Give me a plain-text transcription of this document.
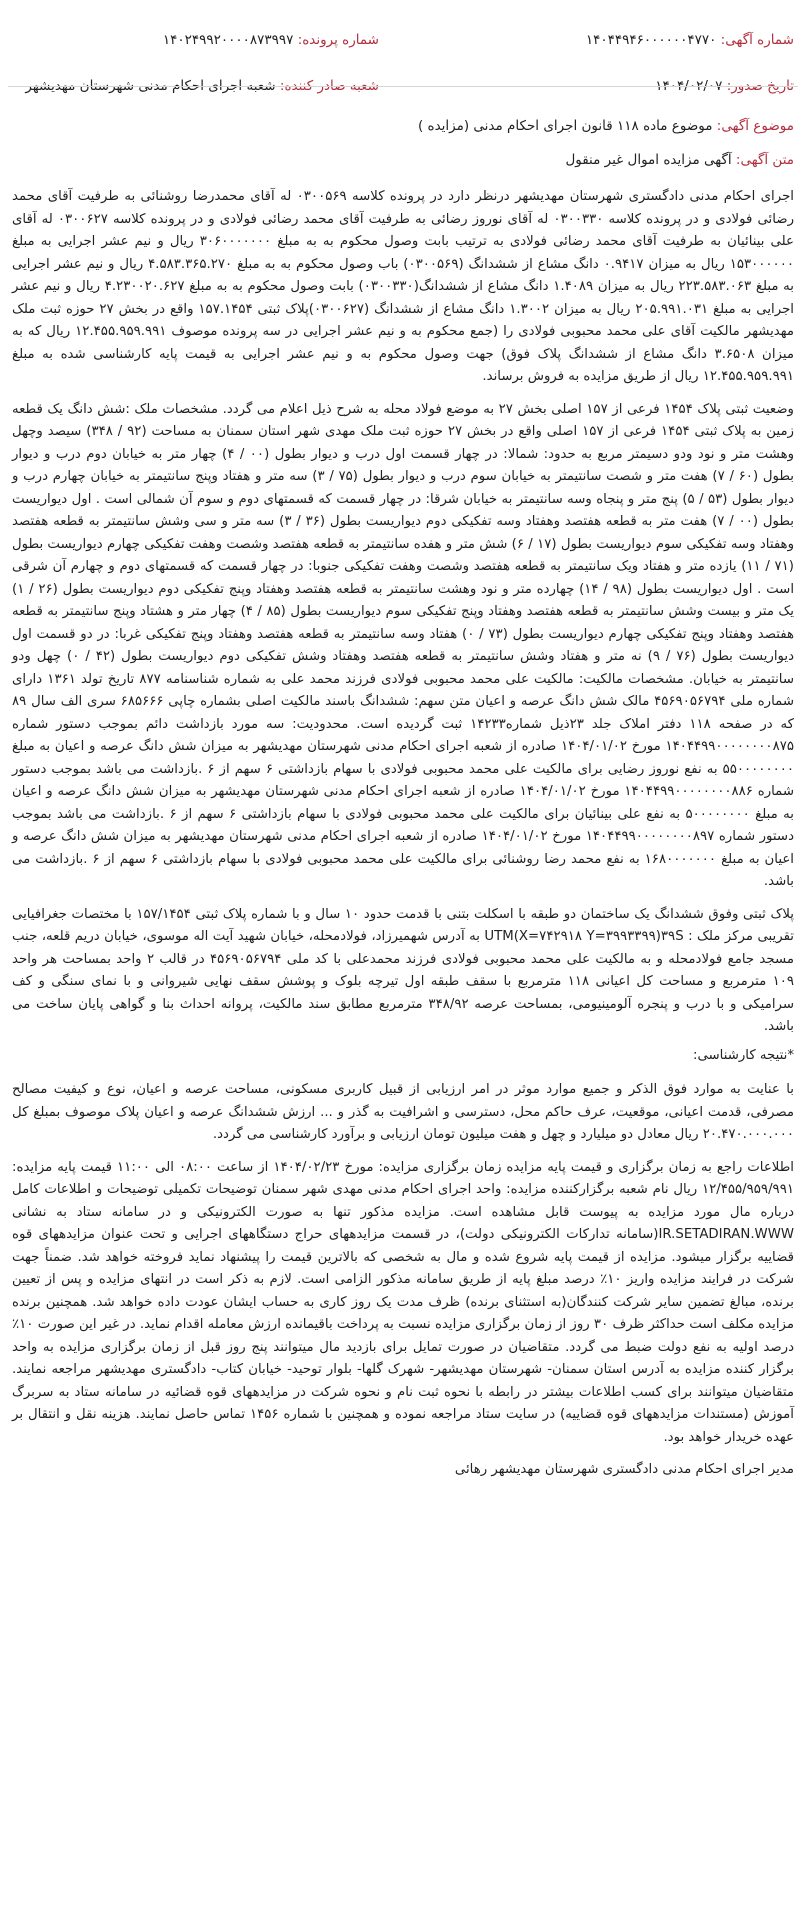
شماره آگهی: ۱۴۰۴۴۹۴۶۰۰۰۰۰۰۴۷۷۰
شماره پرونده: ۱۴۰۲۴۹۹۲۰۰۰۰۸۷۳۹۹۷
تاریخ صدور: ۱۴۰۴/۰۲/۰۷
شعبه صادر کننده: شعبه اجرای احکام مدنی شهرستان مهدیشهر
موضوع آگهی: موضوع ماده ۱۱۸ قانون اجرای احکام مدنی (مزایده )
متن آگهی: آگهی مزایده اموال غیر منقول

اجرای احکام مدنی دادگستری شهرستان مهدیشهر درنظر دارد در پرونده کلاسه ۰۳۰۰۵۶۹ له آقای محمدرضا روشنائی به طرفیت آقای محمد رضائی فولادی و در پرونده کلاسه ۰۳۰۰۳۳۰ له آقای نوروز رضائی به طرفیت آقای محمد رضائی فولادی و در پرونده کلاسه ۰۳۰۰۶۲۷ له آقای علی بینائیان به طرفیت آقای محمد رضائی فولادی به ترتیب بابت وصول محکوم به به مبلغ ۳۰۶۰۰۰۰۰۰۰ ریال و نیم عشر اجرایی به مبلغ ۱۵۳۰۰۰۰۰۰ ریال به میزان ۰.۹۴۱۷ دانگ مشاع از ششدانگ (۰۳۰۰۵۶۹) باب وصول محکوم به به مبلغ ۴.۵۸۳.۳۶۵.۲۷۰ ریال و نیم عشر اجرایی به مبلغ ۲۲۳.۵۸۳.۰۶۳ ریال به میزان ۱.۴۰۸۹ دانگ مشاع از ششدانگ(۰۳۰۰۳۳۰) بابت وصول محکوم به به مبلغ ۴.۲۳۰۰۲۰.۶۲۷ ریال و نیم عشر اجرایی به مبلغ ۲۰۵.۹۹۱.۰۳۱ ریال به میزان ۱.۳۰۰۲ دانگ مشاع از ششدانگ (۰۳۰۰۶۲۷)پلاک ثبتی ۱۵۷.۱۴۵۴ واقع در بخش ۲۷ حوزه ثبت ملک مهدیشهر مالکیت آقای علی محمد محبوبی فولادی را (جمع محکوم به و نیم عشر اجرایی در سه پرونده موصوف ۱۲.۴۵۵.۹۵۹.۹۹۱ ریال که به میزان ۳.۶۵۰۸ دانگ مشاع از ششدانگ پلاک فوق) جهت وصول محکوم به و نیم عشر اجرایی به قیمت پایه کارشناسی شده به مبلغ ۱۲.۴۵۵.۹۵۹.۹۹۱ ریال از طریق مزایده به فروش برساند.

وضعیت ثبتی پلاک ۱۴۵۴ فرعی از ۱۵۷ اصلی بخش ۲۷ به موضع فولاد محله به شرح ذیل اعلام می گردد. مشخصات ملک :شش دانگ یک قطعه زمین به پلاک ثبتی ۱۴۵۴ فرعی از ۱۵۷ اصلی واقع در بخش ۲۷ حوزه ثبت ملک مهدی شهر استان سمنان به مساحت (۹۲ / ۳۴۸) سیصد وچهل وهشت متر و نود ودو دسیمتر مربع به حدود: شمالا: در چهار قسمت اول درب و دیوار بطول (۰۰ / ۴) چهار متر به خیابان دوم درب و دیوار بطول (۶۰ / ۷) هفت متر و شصت سانتیمتر به خیابان سوم درب و دیوار بطول (۷۵ / ۳) سه متر و هفتاد وپنج سانتیمتر به خیابان چهارم درب و دیوار بطول (۵۳ / ۵) پنج متر و پنجاه وسه سانتیمتر به خیابان شرقا: در چهار قسمت که قسمتهای دوم و سوم آن شمالی است . اول دیواریست بطول (۰۰ / ۷) هفت متر به قطعه هفتصد وهفتاد وسه تفکیکی دوم دیواریست بطول (۳۶ / ۳) سه متر و سی وشش سانتیمتر به قطعه هفتصد وهفتاد وسه تفکیکی سوم دیواریست بطول (۱۷ / ۶) شش متر و هفده سانتیمتر به قطعه هفتصد وشصت وهفت تفکیکی چهارم دیواریست بطول (۷۱ / ۱۱) یازده متر و هفتاد ویک سانتیمتر به قطعه هفتصد وشصت وهفت تفکیکی جنوبا: در چهار قسمت که قسمتهای دوم و چهارم آن شرقی است . اول دیواریست بطول (۹۸ / ۱۴) چهارده متر و نود وهشت سانتیمتر به قطعه هفتصد وهفتاد وپنج تفکیکی دوم دیواریست بطول (۲۶ / ۱) یک متر و بیست وشش سانتیمتر به قطعه هفتصد وهفتاد وپنج تفکیکی سوم دیواریست بطول (۸۵ / ۴) چهار متر و هشتاد وپنج سانتیمتر به قطعه هفتصد وهفتاد وپنج تفکیکی چهارم دیواریست بطول (۷۳ / ۰) هفتاد وسه سانتیمتر به قطعه هفتصد وهفتاد وپنج تفکیکی غربا: در دو قسمت اول دیواریست بطول (۷۶ / ۹) نه متر و هفتاد وشش سانتیمتر به قطعه هفتصد وهفتاد وشش تفکیکی دوم دیواریست بطول (۴۲ / ۰) چهل ودو سانتیمتر به خیابان. مشخصات مالکیت: مالکیت علی محمد محبوبی فولادی فرزند محمد علی به شماره شناسنامه ۸۷۷ تاریخ تولد ۱۳۶۱ دارای شماره ملی ۴۵۶۹۰۵۶۷۹۴ مالک شش دانگ عرصه و اعیان متن سهم: ششدانگ باسند مالکیت اصلی بشماره چاپی ۶۸۵۶۶۶ سری الف سال ۸۹ که در صفحه ۱۱۸ دفتر املاک جلد ۲۳ذیل شماره۱۴۲۳۳ ثبت گردیده است. محدودیت: سه مورد بازداشت دائم بموجب دستور شماره ۱۴۰۴۴۹۹۰۰۰۰۰۰۰۰۸۷۵ مورخ ۱۴۰۴/۰۱/۰۲ صادره از شعبه اجرای احکام مدنی شهرستان مهدیشهر به میزان شش دانگ عرصه و اعیان به مبلغ ۵۵۰۰۰۰۰۰۰۰ به نفع نوروز رضایی برای مالکیت علی محمد محبوبی فولادی با سهام بازداشتی ۶ سهم از ۶ .بازداشت می باشد بموجب دستور شماره ۱۴۰۴۴۹۹۰۰۰۰۰۰۰۰۸۸۶ مورخ ۱۴۰۴/۰۱/۰۲ صادره از شعبه اجرای احکام مدنی شهرستان مهدیشهر به میزان شش دانگ عرصه و اعیان به مبلغ ۵۰۰۰۰۰۰۰۰ به نفع علی بینائیان برای مالکیت علی محمد محبوبی فولادی با سهام بازداشتی ۶ سهم از ۶ .بازداشت می باشد بموجب دستور شماره ۱۴۰۴۴۹۹۰۰۰۰۰۰۰۰۸۹۷ مورخ ۱۴۰۴/۰۱/۰۲ صادره از شعبه اجرای احکام مدنی شهرستان مهدیشهر به میزان شش دانگ عرصه و اعیان به مبلغ ۱۶۸۰۰۰۰۰۰۰ به نفع محمد رضا روشنائی برای مالکیت علی محمد محبوبی فولادی با سهام بازداشتی ۶ سهم از ۶ .بازداشت می باشد.

پلاک ثبتی وفوق ششدانگ یک ساختمان دو طبقه با اسکلت بتنی با قدمت حدود ۱۰ سال و با شماره پلاک ثبتی ۱۵۷/۱۴۵۴ با مختصات جغرافیایی تقریبی مرکز ملک : UTM(X=۷۴۲۹۱۸ Y=۳۹۹۳۳۹۹)۳۹S به آدرس شهمیرزاد، فولادمحله، خیابان شهید آیت اله موسوی، خیابان دریم قلعه، جنب مسجد جامع فولادمحله و به مالکیت علی محمد محبوبی فولادی فرزند محمدعلی با کد ملی ۴۵۶۹۰۵۶۷۹۴ در قالب ۲ واحد بمساحت هر واحد ۱۰۹ مترمربع و مساحت کل اعیانی ۱۱۸ مترمربع با سقف طبقه اول تیرچه بلوک و پوشش سقف نهایی شیروانی و با نمای سنگی و کف سرامیکی و با درب و پنجره آلومینیومی، بمساحت عرصه ۳۴۸/۹۲ مترمربع مطابق سند مالکیت، پروانه احداث بنا و گواهی پایان ساخت می باشد.

*نتیجه کارشناسی:

با عنایت به موارد فوق الذکر و جمیع موارد موثر در امر ارزیابی از قبیل کاربری مسکونی، مساحت عرصه و اعیان، نوع و کیفیت مصالح مصرفی، قدمت اعیانی، موقعیت، عرف حاکم محل، دسترسی و اشرافیت به گذر و ... ارزش ششدانگ عرصه و اعیان پلاک موصوف بمبلغ کل ۲۰.۴۷۰.۰۰۰.۰۰۰ ریال معادل دو میلیارد و چهل و هفت میلیون تومان ارزیابی و برآورد کارشناسی می گردد.

اطلاعات راجع به زمان برگزاری و قیمت پایه مزایده زمان برگزاری مزایده: مورخ ۱۴۰۴/۰۲/۲۳ از ساعت ۰۸:۰۰ الی ۱۱:۰۰ قیمت پایه مزایده: ۱۲/۴۵۵/۹۵۹/۹۹۱ ریال نام شعبه برگزارکننده مزایده: واحد اجرای احکام مدنی مهدی شهر سمنان توضیحات تکمیلی توضیحات و اطلاعات کامل درباره مال مورد مزایده به پیوست قابل مشاهده است. مزایده مذکور تنها به صورت الکترونیکی و در سامانه ستاد به نشانی IR.SETADIRAN.WWW(سامانه تدارکات الکترونیکی دولت)، در قسمت مزایدههای حراج دستگاههای اجرایی و تحت عنوان مزایدههای قوه قضاییه برگزار میشود. مزایده از قیمت پایه شروع شده و مال به شخصی که بالاترین قیمت را پیشنهاد نماید فروخته خواهد شد. ضمناً جهت شرکت در فرایند مزایده واریز ۱۰٪ درصد مبلغ پایه از طریق سامانه مذکور الزامی است. لازم به ذکر است در انتهای مزایده و پس از تعیین برنده، مبالغ تضمین سایر شرکت کنندگان(به استثنای برنده) ظرف مدت یک روز کاری به حساب ایشان عودت داده خواهد شد. همچنین برنده مزایده مکلف است حداکثر ظرف ۳۰ روز از زمان برگزاری مزایده نسبت به پرداخت باقیمانده ارزش معامله اقدام نماید. در غیر این صورت ۱۰٪ درصد اولیه به نفع دولت ضبط می گردد. متقاضیان در صورت تمایل برای بازدید مال میتوانند پنج روز قبل از زمان برگزاری مزایده به واحد برگزار کننده مزایده به آدرس استان سمنان- شهرستان مهدیشهر- شهرک گلها- بلوار توحید- خیابان کتاب- دادگستری مهدیشهر مراجعه نمایند. متقاضیان میتوانند برای کسب اطلاعات بیشتر در رابطه با نحوه ثبت نام و نحوه شرکت در مزایدههای قوه قضائیه در سامانه ستاد به سربرگ آموزش (مستندات مزایدههای قوه قضاییه) در سایت ستاد مراجعه نموده و همچنین با شماره ۱۴۵۶ تماس حاصل نمایند. هزینه نقل و انتقال بر عهده خریدار خواهد بود.

مدیر اجرای احکام مدنی دادگستری شهرستان مهدیشهر رهائی
